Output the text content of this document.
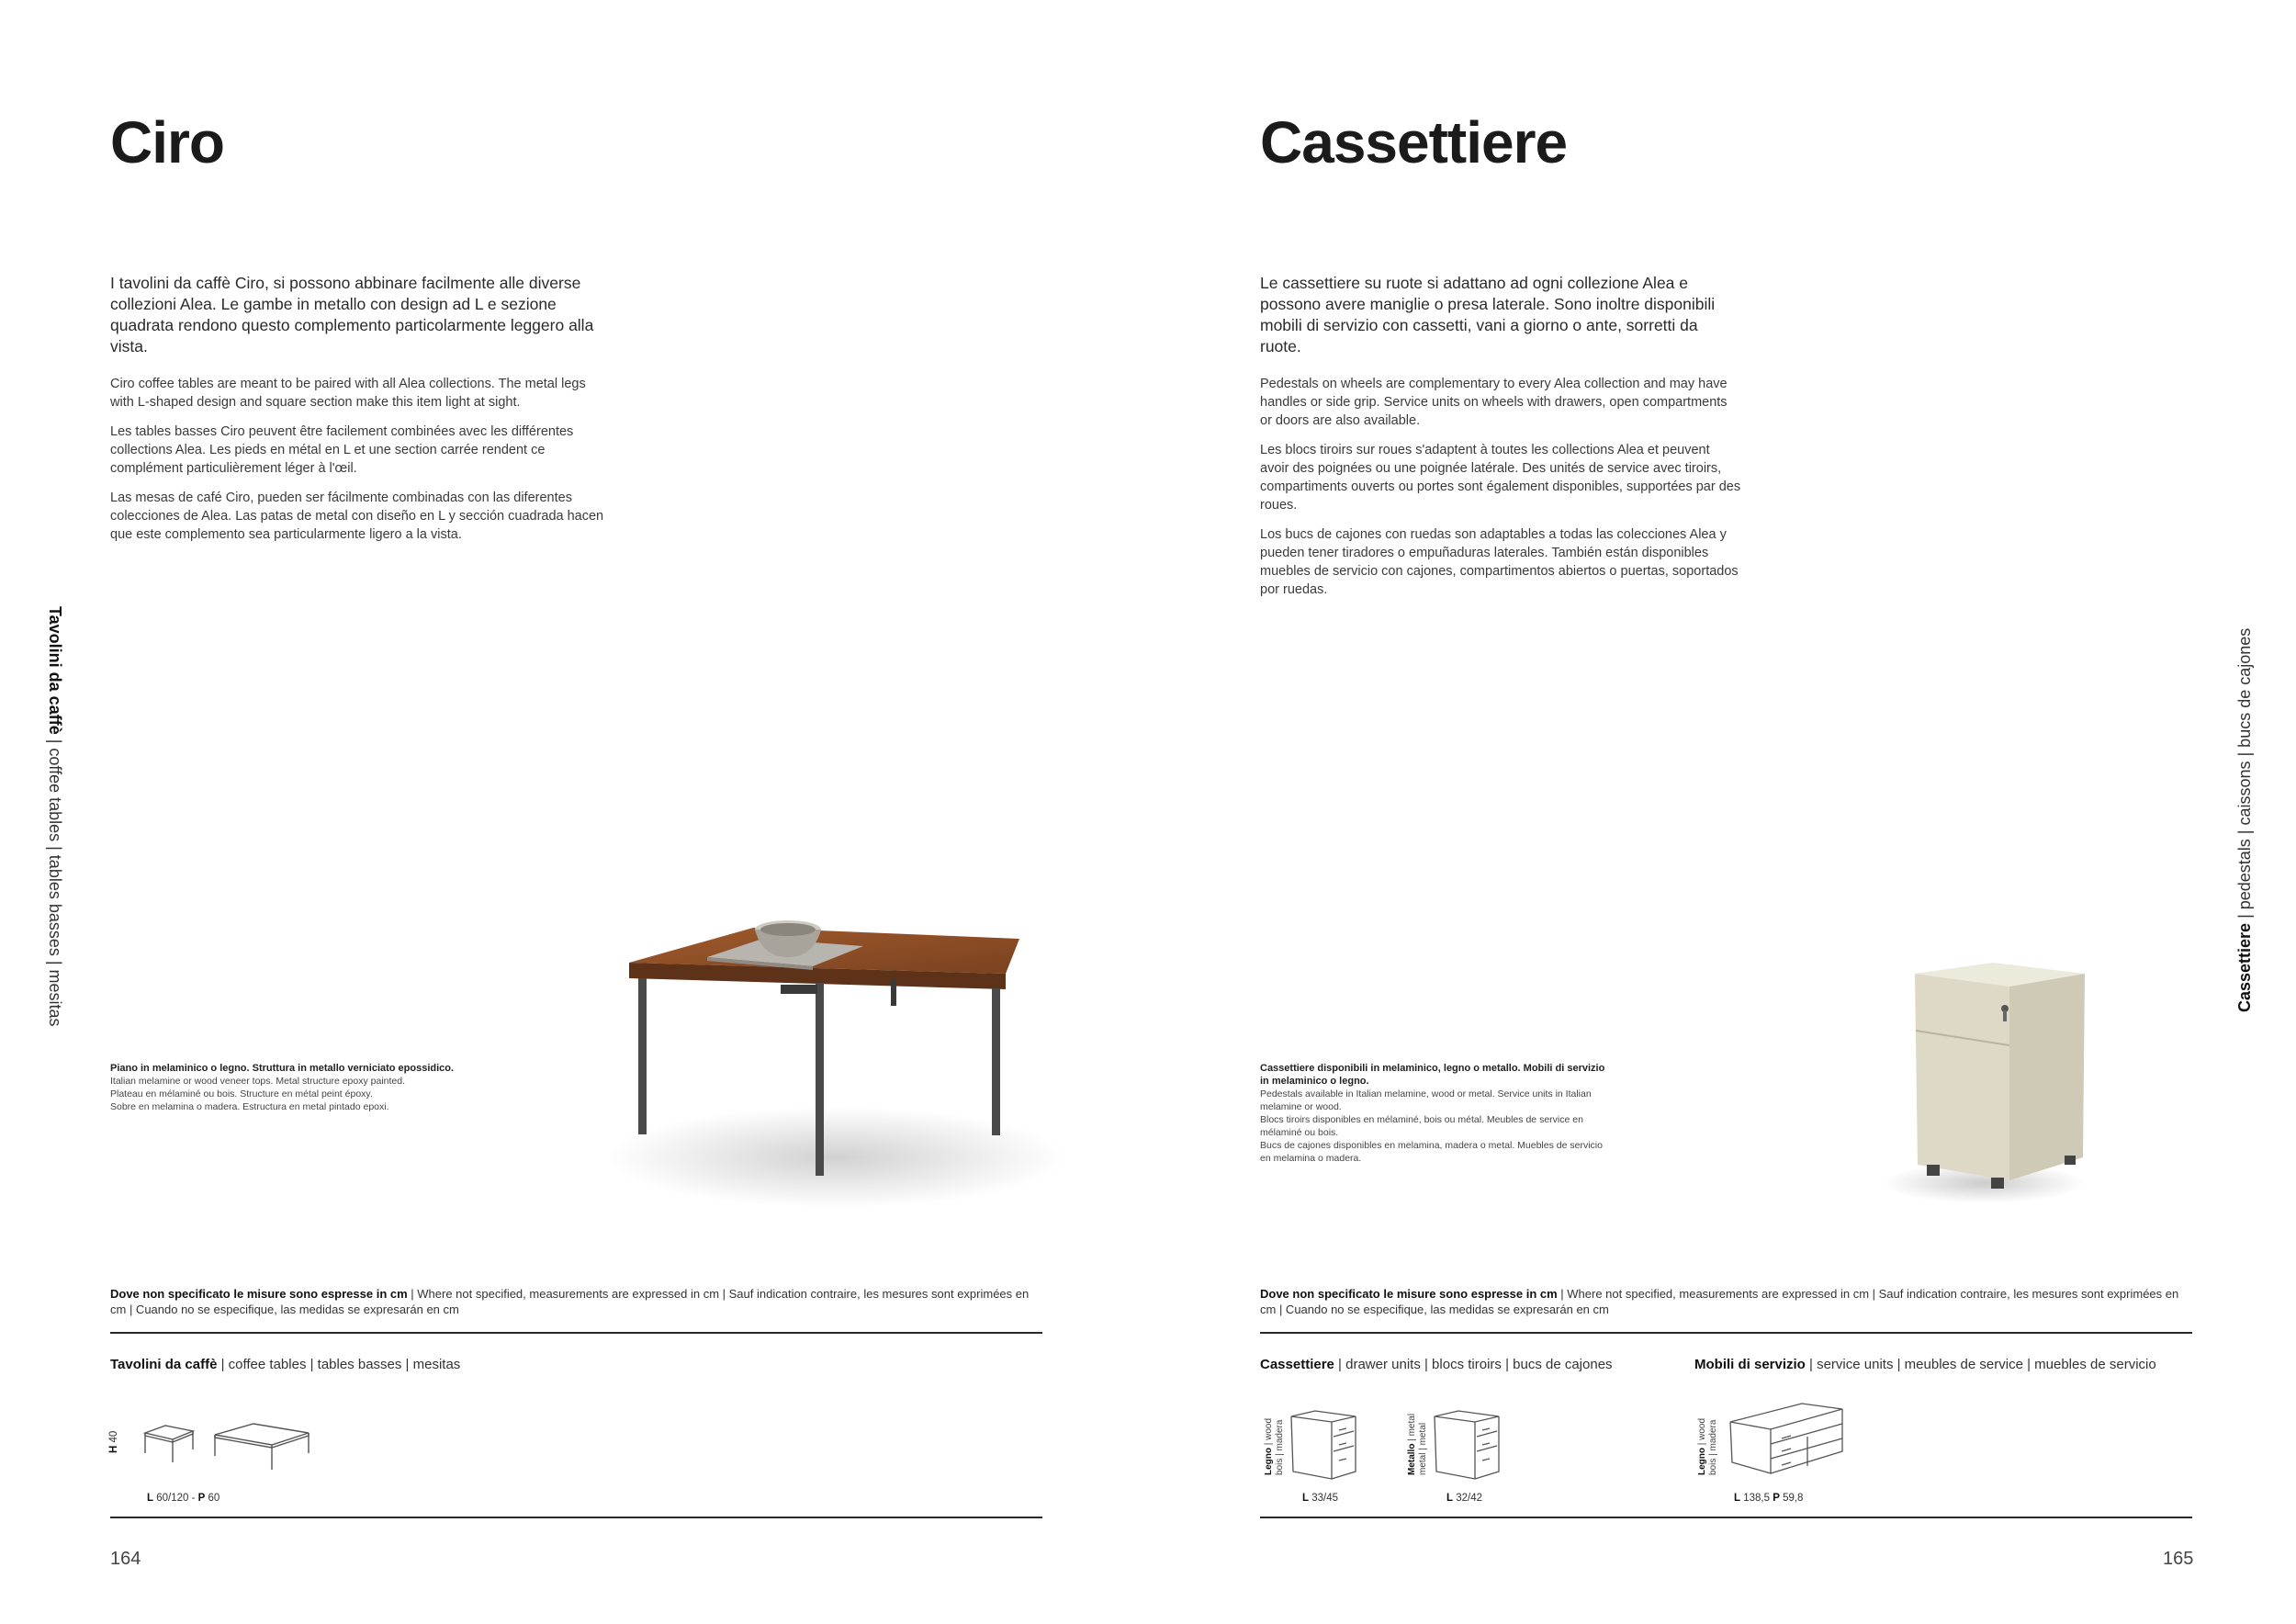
Ciro

I tavolini da caffè Ciro, si possono abbinare facilmente alle diverse collezioni Alea. Le gambe in metallo con design ad L e sezione quadrata rendono questo complemento particolarmente leggero alla vista.

Ciro coffee tables are meant to be paired with all Alea collections. The metal legs with L-shaped design and square section make this item light at sight.

Les tables basses Ciro peuvent être facilement combinées avec les différentes collections Alea. Les pieds en métal en L et une section carrée rendent ce complément particulièrement léger à l'œil.

Las mesas de café Ciro, pueden ser fácilmente combinadas con las diferentes colecciones de Alea. Las patas de metal con diseño en L y sección cuadrada hacen que este complemento sea particularmente ligero a la vista.

Tavolini da caffè | coffee tables | tables basses | mesitas

Piano in melaminico o legno. Struttura in metallo verniciato epossidico.

Italian melamine or wood veneer tops. Metal structure epoxy painted.

Plateau en mélaminé ou bois. Structure en métal peint époxy.

Sobre en melamina o madera. Estructura en metal pintado epoxi.

Dove non specificato le misure sono espresse in cm | Where not specified, measurements are expressed in cm | Sauf indication contraire, les mesures sont exprimées en cm | Cuando no se especifique, las medidas se expresarán en cm
Tavolini da caffè | coffee tables | tables basses | mesitas
H 40
L 60/120 - P 60
164
Cassettiere

Le cassettiere su ruote si adattano ad ogni collezione Alea e possono avere maniglie o presa laterale. Sono inoltre disponibili mobili di servizio con cassetti, vani a giorno o ante, sorretti da ruote.

Pedestals on wheels are complementary to every Alea collection and may have handles or side grip. Service units on wheels with drawers, open compartments or doors are also available.

Les blocs tiroirs sur roues s'adaptent à toutes les collections Alea et peuvent avoir des poignées ou une poignée latérale. Des unités de service avec tiroirs, compartiments ouverts ou portes sont également disponibles, supportées par des roues.

Los bucs de cajones con ruedas son adaptables a todas las colecciones Alea y pueden tener tiradores o empuñaduras laterales. También están disponibles muebles de servicio con cajones, compartimentos abiertos o puertas, soportados por ruedas.

Cassettiere | pedestals | caissons | bucs de cajones

Cassettiere disponibili in melaminico, legno o metallo. Mobili di servizio in melaminico o legno.

Pedestals available in Italian melamine, wood or metal. Service units in Italian melamine or wood.

Blocs tiroirs disponibles en mélaminé, bois ou métal. Meubles de service en mélaminé ou bois.

Bucs de cajones disponibles en melamina, madera o metal. Muebles de servicio en melamina o madera.

Dove non specificato le misure sono espresse in cm | Where not specified, measurements are expressed in cm | Sauf indication contraire, les mesures sont exprimées en cm | Cuando no se especifique, las medidas se expresarán en cm
Cassettiere | drawer units | blocs tiroirs | bucs de cajones	Mobili di servizio | service units | meubles de service | muebles de servicio
Legno | wood bois | madera	Metallo | metal metal | metal	Legno | wood bois | madera
L 33/45	L 32/42	L 138,5 P 59,8
165
